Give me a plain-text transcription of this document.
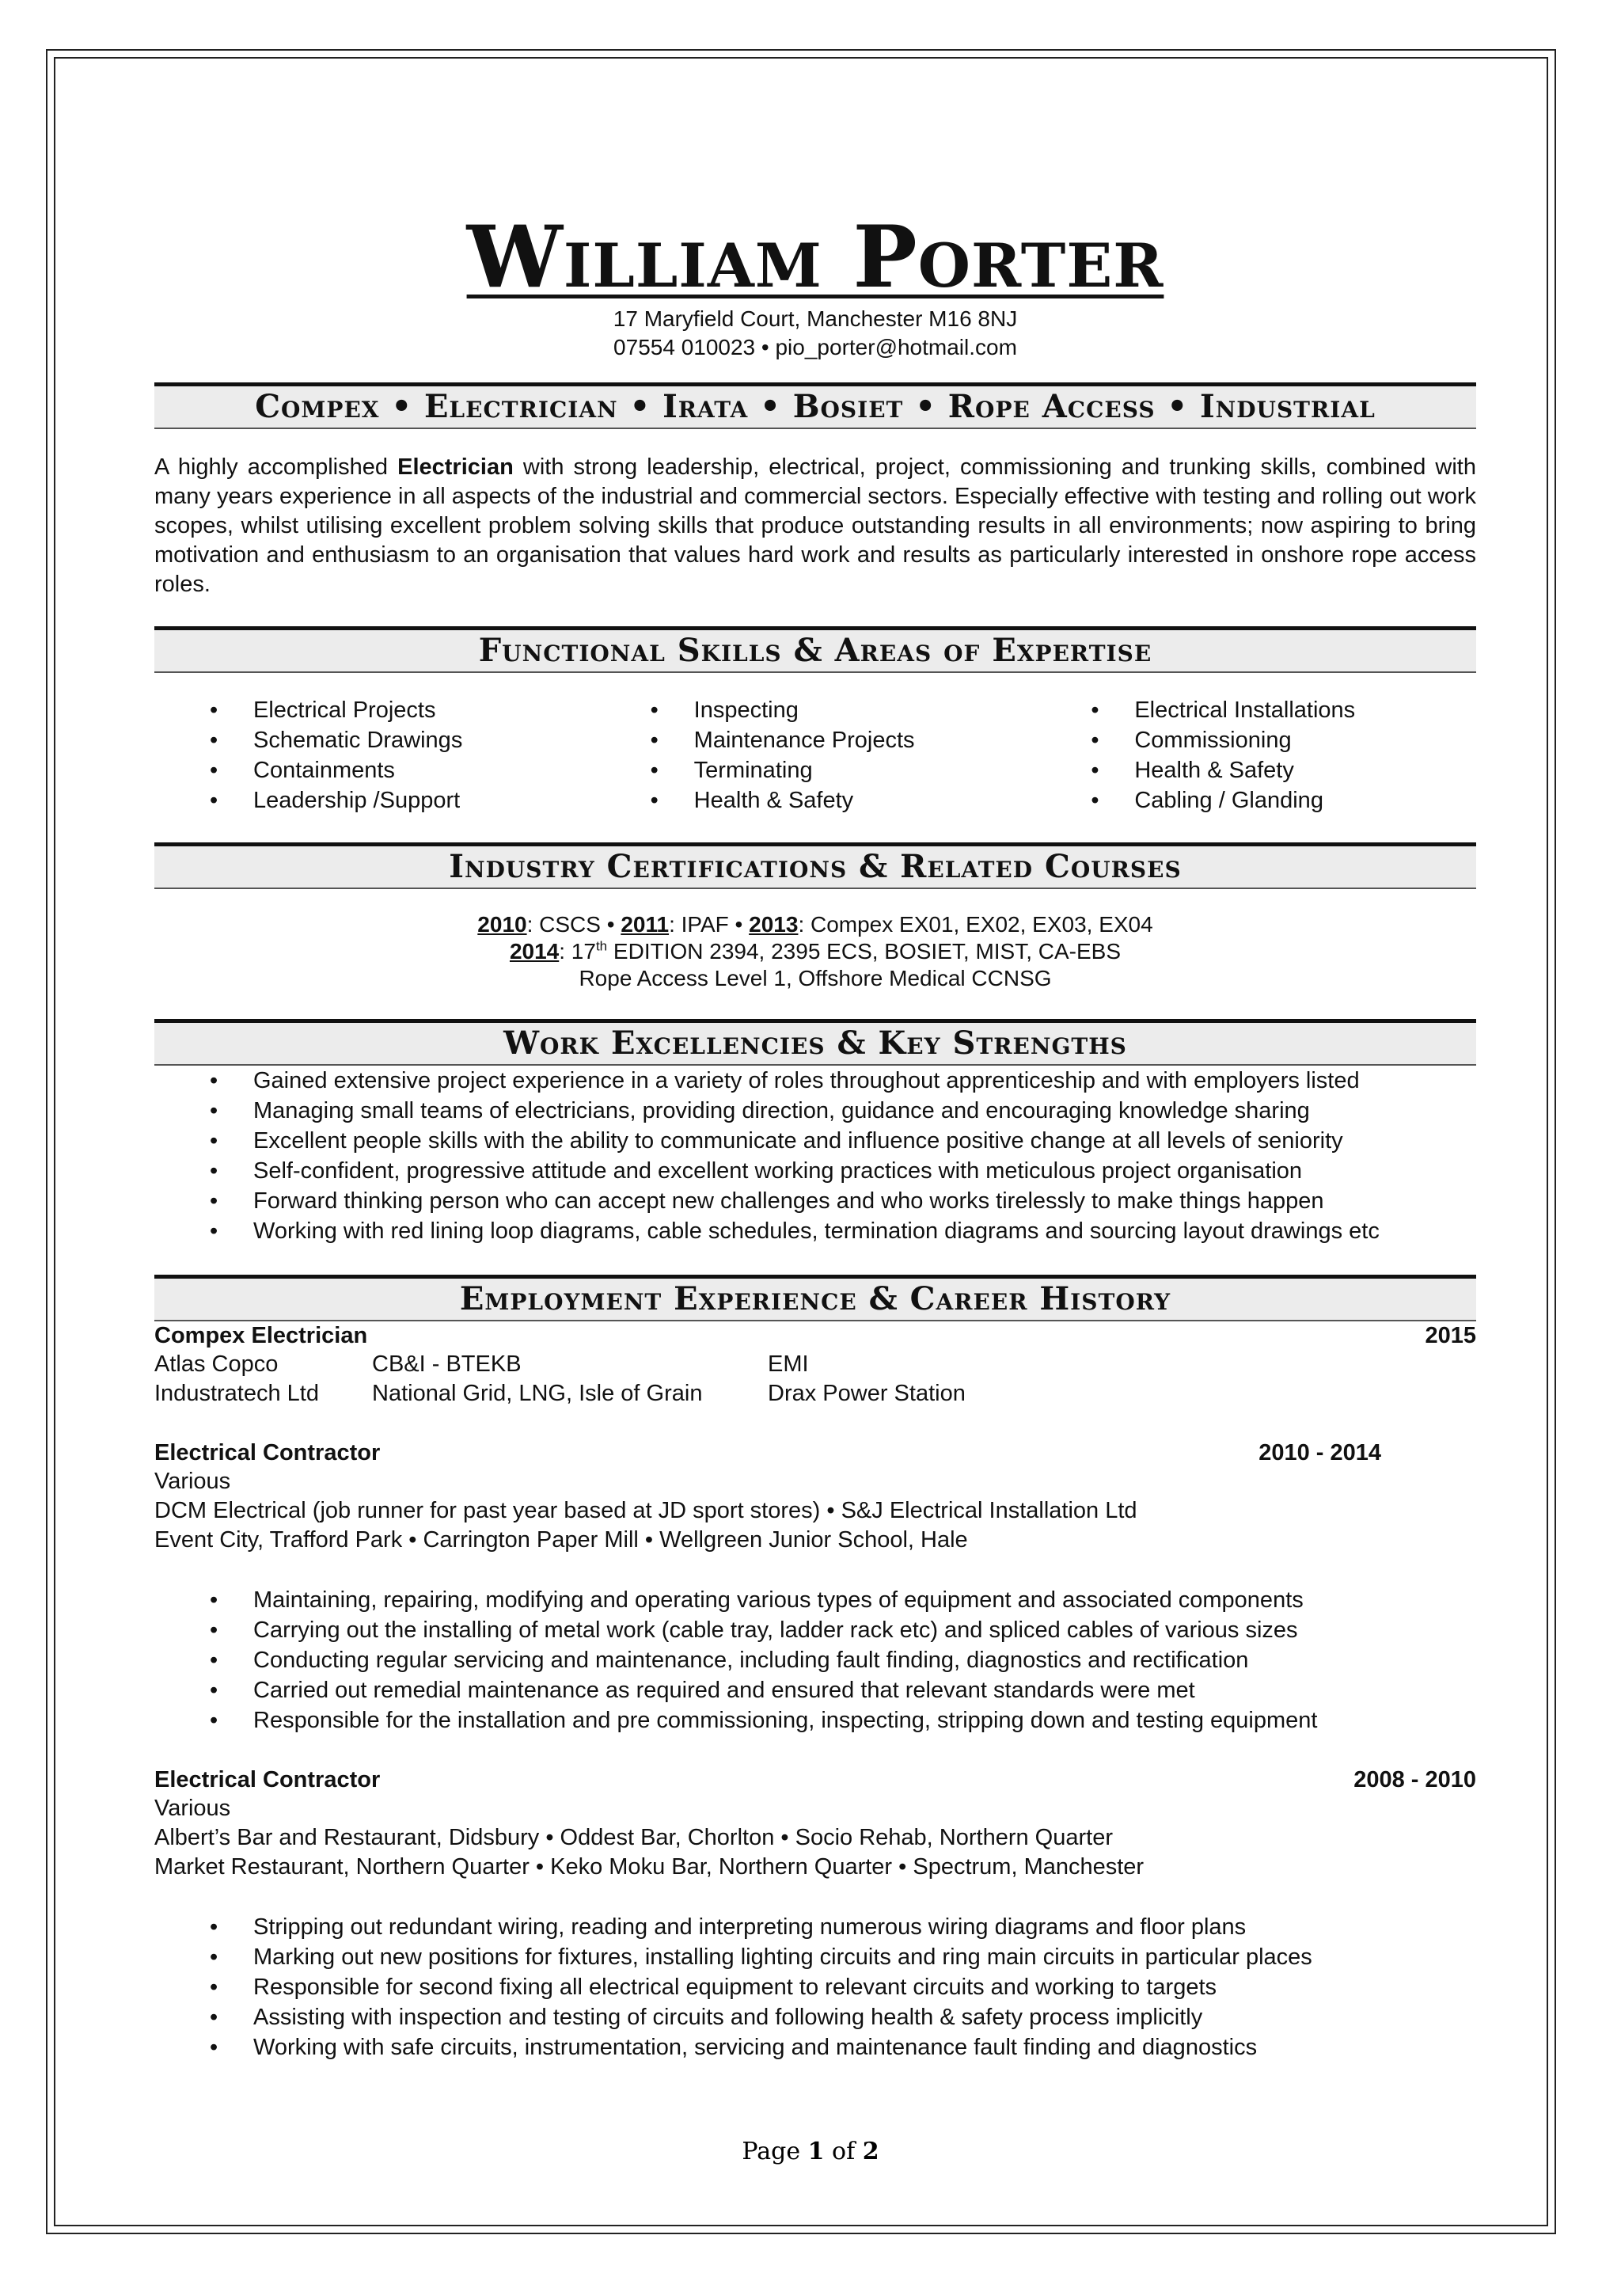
William Porter
17 Maryfield Court, Manchester M16 8NJ
07554 010023 • pio_porter@hotmail.com
Compex • Electrician • Irata • Bosiet • Rope Access • Industrial
A highly accomplished Electrician with strong leadership, electrical, project, commissioning and trunking skills, combined with many years experience in all aspects of the industrial and commercial sectors. Especially effective with testing and rolling out work scopes, whilst utilising excellent problem solving skills that produce outstanding results in all environments; now aspiring to bring motivation and enthusiasm to an organisation that values hard work and results as particularly interested in onshore rope access roles.
Functional Skills & Areas of Expertise
• Electrical Projects
• Schematic Drawings
• Containments
• Leadership /Support
• Inspecting
• Maintenance Projects
• Terminating
• Health & Safety
• Electrical Installations
• Commissioning
• Health & Safety
• Cabling / Glanding
Industry Certifications & Related Courses
2010: CSCS • 2011: IPAF • 2013: Compex EX01, EX02, EX03, EX04
2014: 17th EDITION 2394, 2395 ECS, BOSIET, MIST, CA-EBS
Rope Access Level 1, Offshore Medical CCNSG
Work Excellencies & Key Strengths
• Gained extensive project experience in a variety of roles throughout apprenticeship and with employers listed
• Managing small teams of electricians, providing direction, guidance and encouraging knowledge sharing
• Excellent people skills with the ability to communicate and influence positive change at all levels of seniority
• Self-confident, progressive attitude and excellent working practices with meticulous project organisation
• Forward thinking person who can accept new challenges and who works tirelessly to make things happen
• Working with red lining loop diagrams, cable schedules, termination diagrams and sourcing layout drawings etc
Employment Experience & Career History
Compex Electrician	2015
Atlas Copco	CB&I - BTEKB	EMI
Industratech Ltd	National Grid, LNG, Isle of Grain	Drax Power Station
Electrical Contractor	2010 - 2014
Various
DCM Electrical (job runner for past year based at JD sport stores) • S&J Electrical Installation Ltd
Event City, Trafford Park • Carrington Paper Mill • Wellgreen Junior School, Hale
• Maintaining, repairing, modifying and operating various types of equipment and associated components
• Carrying out the installing of metal work (cable tray, ladder rack etc) and spliced cables of various sizes
• Conducting regular servicing and maintenance, including fault finding, diagnostics and rectification
• Carried out remedial maintenance as required and ensured that relevant standards were met
• Responsible for the installation and pre commissioning, inspecting, stripping down and testing equipment
Electrical Contractor	2008 - 2010
Various
Albert’s Bar and Restaurant, Didsbury • Oddest Bar, Chorlton • Socio Rehab, Northern Quarter
Market Restaurant, Northern Quarter • Keko Moku Bar, Northern Quarter • Spectrum, Manchester
• Stripping out redundant wiring, reading and interpreting numerous wiring diagrams and floor plans
• Marking out new positions for fixtures, installing lighting circuits and ring main circuits in particular places
• Responsible for second fixing all electrical equipment to relevant circuits and working to targets
• Assisting with inspection and testing of circuits and following health & safety process implicitly
• Working with safe circuits, instrumentation, servicing and maintenance fault finding and diagnostics
Page 1 of 2
